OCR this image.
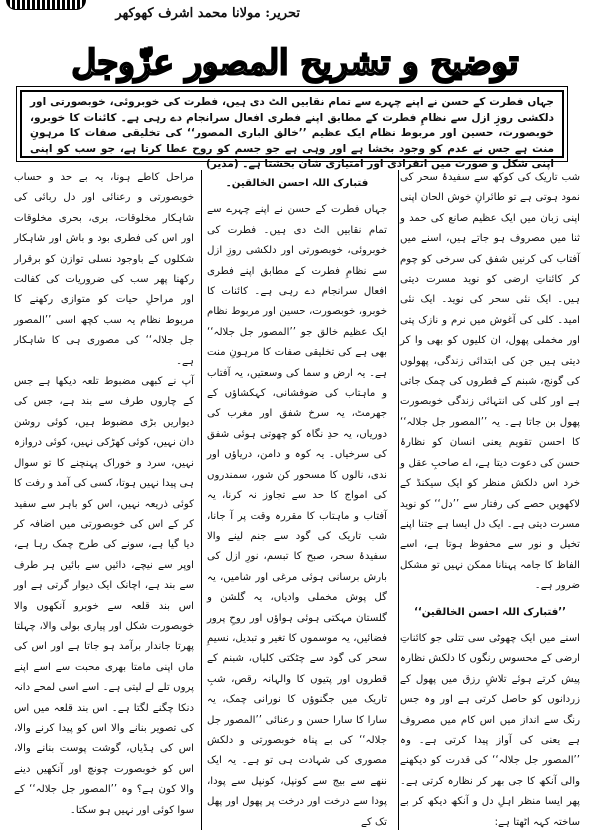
تحریر: مولانا محمد اشرف کھوکھر
توضیح و تشریح المصور عزّوجل
جہاں فطرت کے حسن نے اپنے چہرے سے تمام نقابیں الٹ دی ہیں، فطرت کی خوبروئی، خوبصورتی اور دلکشی روزِ ازل سے نظامِ فطرت کے مطابق اپنے فطری افعال سرانجام دے رہی ہے۔ کائنات کا خوبرو، خوبصورت، حسین اور مربوط نظام ایک عظیم ’’خالق الباری المصور‘‘ کی تخلیقی صفات کا مرہونِ منت ہے جس نے عدم کو وجود بخشا ہے اور وہی ہے جو جسم کو روح عطا کرتا ہے، جو سب کو اپنی اپنی شکل و صورت میں انفرادی اور امتیازی شان بخشتا ہے۔ (مدیر)

شب تاریک کی کوکھ سے سفیدۂ سحر کی نمود ہوتی ہے تو طائرانِ خوش الحان اپنی اپنی زبان میں ایک عظیم صانع کی حمد و ثنا میں مصروف ہو جاتے ہیں، اسنے میں آفتاب کی کرنیں شفق کی سرخی کو چوم کر کائناتِ ارضی کو نوید مسرت دیتی ہیں۔ ایک نئی سحر کی نوید۔ ایک نئی امید۔ کلی کی آغوش میں نرم و نازک پتی اور مخملی پھول، ان کلیوں کو بھی وا کر دیتی ہیں جن کی ابتدائی زندگی، پھولوں کی گونج، شبنم کے قطروں کی چمک جاتی ہے اور کلی کی انتہائی زندگی خوبصورت پھول بن جاتا ہے۔ یہ ’’المصور جل جلالہ‘‘ کا احسن تقویم یعنی انسان کو نظارۂ حسن کی دعوت دیتا ہے، اے صاحبِ عقل و خرد اس دلکش منظر کو ایک سیکنڈ کے لاکھویں حصے کی رفتار سے ’’دل‘‘ کو نوید مسرت دیتی ہے۔ ایک دل ایسا ہے جتنا اپنے تخیل و نور سے محفوظ ہوتا ہے، اسے الفاظ کا جامہ پہنانا ممکن نہیں تو مشکل ضرور ہے۔

’’فتبارک اللہ احسن الخالقین‘‘

اسنے میں ایک چھوٹی سی تتلی جو کائناتِ ارضی کے محسوس رنگوں کا دلکش نظارہ پیش کرتے ہوئے تلاشِ رزق میں پھول کے زردانوں کو حاصل کرتی ہے اور وہ جس رنگ سے انداز میں اس کام میں مصروف ہے یعنی کی آواز پیدا کرتی ہے۔ وہ ’’المصور جل جلالہ‘‘ کی قدرت کو دیکھنے والی آنکھ کا جی بھر کر نظارہ کرتی ہے۔ پھر ایسا منظر اہلِ دل و آنکھ دیکھ کر بے ساختہ کہہ اٹھتا ہے:

فتبارک اللہ احسن الخالقین۔

جہاں فطرت کے حسن نے اپنے چہرے سے تمام نقابیں الٹ دی ہیں۔ فطرت کی خوبروئی، خوبصورتی اور دلکشی روزِ ازل سے نظامِ فطرت کے مطابق اپنے فطری افعال سرانجام دے رہی ہے۔ کائنات کا خوبرو، خوبصورت، حسین اور مربوط نظام ایک عظیم خالق جو ’’المصور جل جلالہ‘‘ بھی ہے کی تخلیقی صفات کا مرہونِ منت ہے۔ یہ ارض و سما کی وسعتیں، یہ آفتاب و ماہتاب کی ضوفشانی، کہکشاؤں کے جھرمٹ، یہ سرخ شفق اور مغرب کی دوریاں، یہ حدِ نگاہ کو چھوتی ہوئی شفق کی سرخیاں۔ یہ کوہ و دامن، دریاؤں اور ندی، نالوں کا مسحور کن شور، سمندروں کی امواج کا حد سے تجاوز نہ کرنا، یہ آفتاب و ماہتاب کا مقررہ وقت پر آ جانا، شب تاریک کی گود سے جنم لینے والا سفیدۂ سحر، صبح کا تبسم، نورِ ازل کی بارش برسانی ہوئی مرغی اور شامیں، یہ گل پوش مخملی وادیاں، یہ گلشن و گلستان مہکتی ہوئی ہواؤں اور روحِ پرور فضائیں، یہ موسموں کا تغیر و تبدیل، نسیمِ سحر کی گود سے چٹکتی کلیاں، شبنم کے قطروں اور پتیوں کا والہانہ رقص، شبِ تاریک میں جگنوؤں کا نورانی چمک، یہ سارا کا سارا حسن و رعنائی ’’المصور جل جلالہ‘‘ کی بے پناہ خوبصورتی و دلکش مصوری کی شہادت ہی تو ہے۔ یہ ایک ننھے سے بیج سے کونپل، کونپل سے پودا، پودا سے درخت اور درخت پر پھول اور پھل تک کے

مراحل کاطے ہونا، یہ بے حد و حساب خوبصورتی و رعنائی اور دل ربائی کی شاہکار مخلوقات، بری، بحری مخلوقات اور اس کی فطری بود و باش اور شاہکار شکلوں کے باوجود نسلی توازن کو برقرار رکھنا پھر سب کی ضروریات کی کفالت اور مراحلِ حیات کو متوازی رکھنے کا مربوط نظام یہ سب کچھ اسی ’’المصور جل جلالہ‘‘ کی مصوری ہی کا شاہکار ہے۔

آپ نے کبھی مضبوط تلعہ دیکھا ہے جس کے چاروں طرف سے بند ہے، جس کی دیواریں بڑی مضبوط ہیں، کوئی روشن دان نہیں، کوئی کھڑکی نہیں، کوئی دروازہ نہیں، سرد و خوراک پہنچنے کا تو سوال ہی پیدا نہیں ہوتا، کسی کی آمد و رفت کا کوئی ذریعہ نہیں، اس کو باہر سے سفید کر کے اس کی خوبصورتی میں اضافہ کر دیا گیا ہے، سونے کی طرح چمک رہا ہے، اوپر سے نیچے، دائیں سے بائیں ہر طرف سے بند ہے، اچانک ایک دیوار گرتی ہے اور اس بند قلعہ سے خوبرو آنکھوں والا خوبصورت شکل اور پیاری بولی والا، چہلتا پھرتا جاندار برآمد ہو جاتا ہے اور اس کی ماں اپنی مامتا بھری محبت سے اسے اپنے پروں تلے لے لیتی ہے۔ اسے اسی لمحے دانہ دنکا چگنے لگتا ہے۔ اس بند قلعہ میں اس کی تصویر بنانے والا اس کو پیدا کرنے والا، اس کی ہڈیاں، گوشت پوست بنانے والا، اس کو خوبصورت چونچ اور آنکھیں دینے والا کون ہے؟ وہ ’’المصور جل جلالہ‘‘ کے سوا کوئی اور نہیں ہو سکتا۔
